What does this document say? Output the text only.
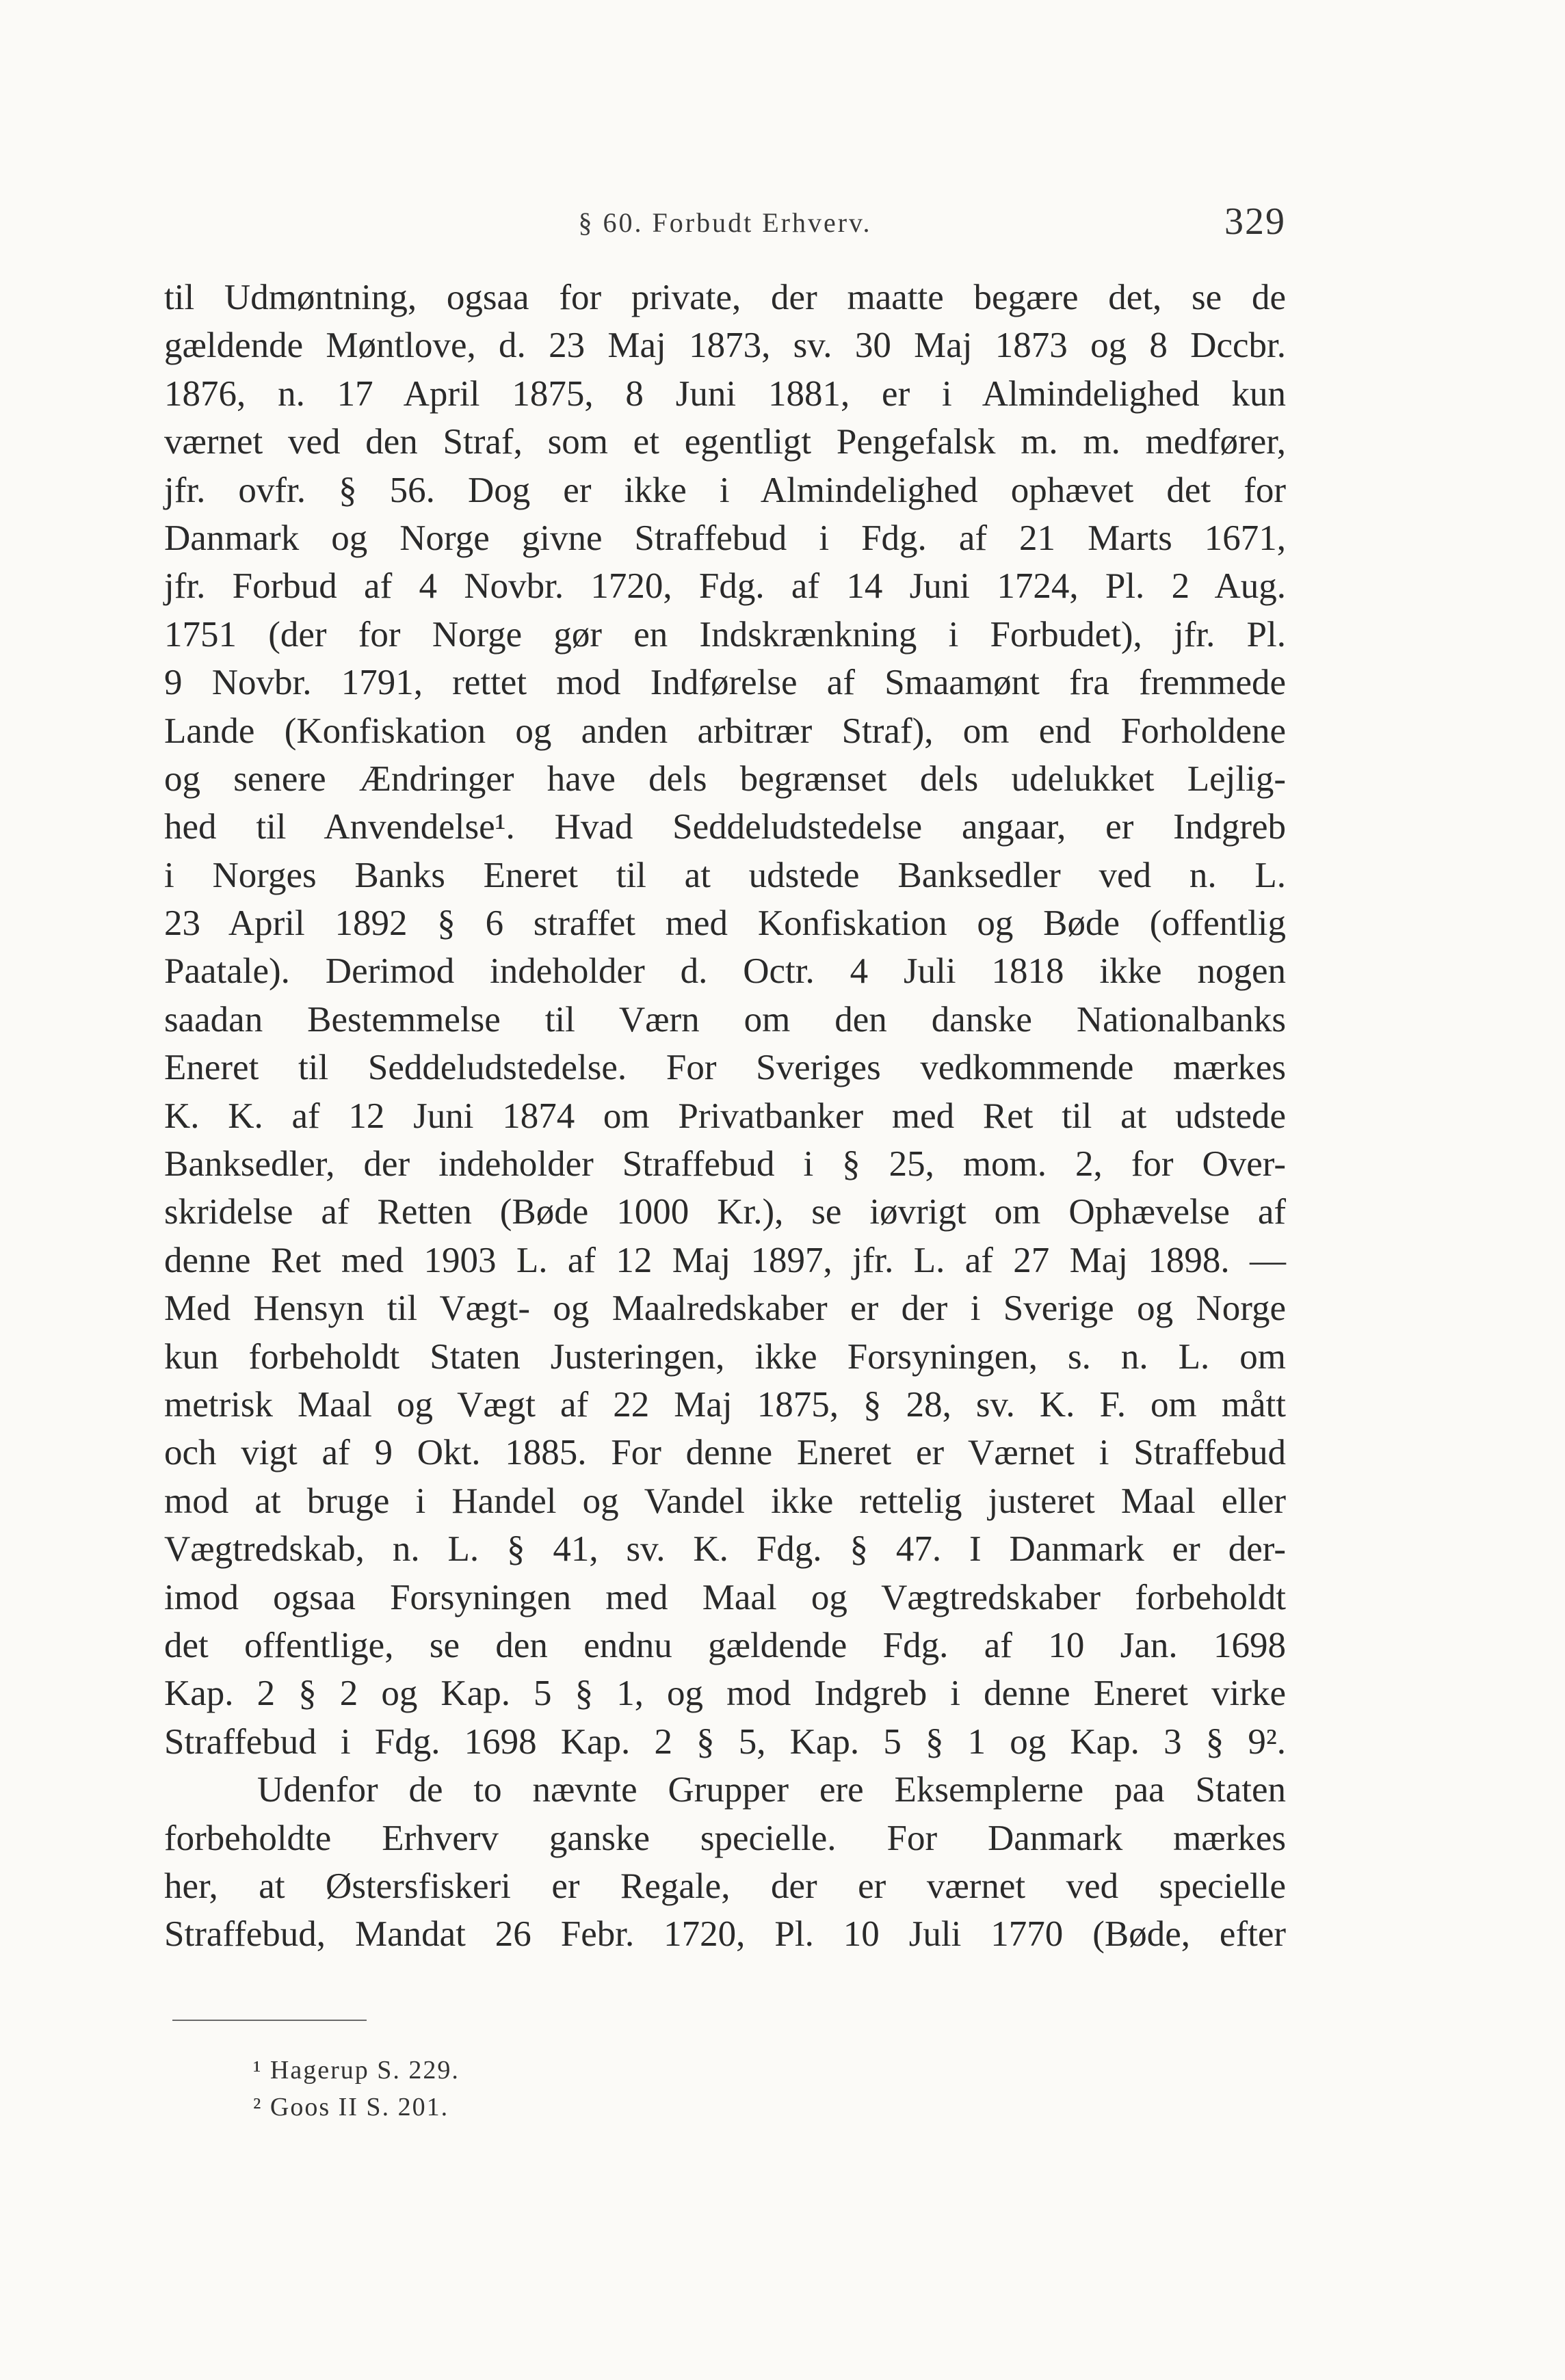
§ 60. Forbudt Erhverv.	329
til Udmøntning, ogsaa for private, der maatte begære det, se de
gældende Møntlove, d. 23 Maj 1873, sv. 30 Maj 1873 og 8 Dccbr.
1876, n. 17 April 1875, 8 Juni 1881, er i Almindelighed kun
værnet ved den Straf, som et egentligt Pengefalsk m. m. medfører,
jfr. ovfr. § 56. Dog er ikke i Almindelighed ophævet det for
Danmark og Norge givne Straffebud i Fdg. af 21 Marts 1671,
jfr. Forbud af 4 Novbr. 1720, Fdg. af 14 Juni 1724, Pl. 2 Aug.
1751 (der for Norge gør en Indskrænkning i Forbudet), jfr. Pl.
9 Novbr. 1791, rettet mod Indførelse af Smaamønt fra fremmede
Lande (Konfiskation og anden arbitrær Straf), om end Forholdene
og senere Ændringer have dels begrænset dels udelukket Lejlig-
hed til Anvendelse¹. Hvad Seddeludstedelse angaar, er Indgreb
i Norges Banks Eneret til at udstede Banksedler ved n. L.
23 April 1892 § 6 straffet med Konfiskation og Bøde (offentlig
Paatale). Derimod indeholder d. Octr. 4 Juli 1818 ikke nogen
saadan Bestemmelse til Værn om den danske Nationalbanks
Eneret til Seddeludstedelse. For Sveriges vedkommende mærkes
K. K. af 12 Juni 1874 om Privatbanker med Ret til at udstede
Banksedler, der indeholder Straffebud i § 25, mom. 2, for Over-
skridelse af Retten (Bøde 1000 Kr.), se iøvrigt om Ophævelse af
denne Ret med 1903 L. af 12 Maj 1897, jfr. L. af 27 Maj 1898. —
Med Hensyn til Vægt- og Maalredskaber er der i Sverige og Norge
kun forbeholdt Staten Justeringen, ikke Forsyningen, s. n. L. om
metrisk Maal og Vægt af 22 Maj 1875, § 28, sv. K. F. om mått
och vigt af 9 Okt. 1885. For denne Eneret er Værnet i Straffebud
mod at bruge i Handel og Vandel ikke rettelig justeret Maal eller
Vægtredskab, n. L. § 41, sv. K. Fdg. § 47. I Danmark er der-
imod ogsaa Forsyningen med Maal og Vægtredskaber forbeholdt
det offentlige, se den endnu gældende Fdg. af 10 Jan. 1698
Kap. 2 § 2 og Kap. 5 § 1, og mod Indgreb i denne Eneret virke
Straffebud i Fdg. 1698 Kap. 2 § 5, Kap. 5 § 1 og Kap. 3 § 9².
Udenfor de to nævnte Grupper ere Eksemplerne paa Staten
forbeholdte Erhverv ganske specielle. For Danmark mærkes
her, at Østersfiskeri er Regale, der er værnet ved specielle
Straffebud, Mandat 26 Febr. 1720, Pl. 10 Juli 1770 (Bøde, efter
¹ Hagerup S. 229.
² Goos II S. 201.
